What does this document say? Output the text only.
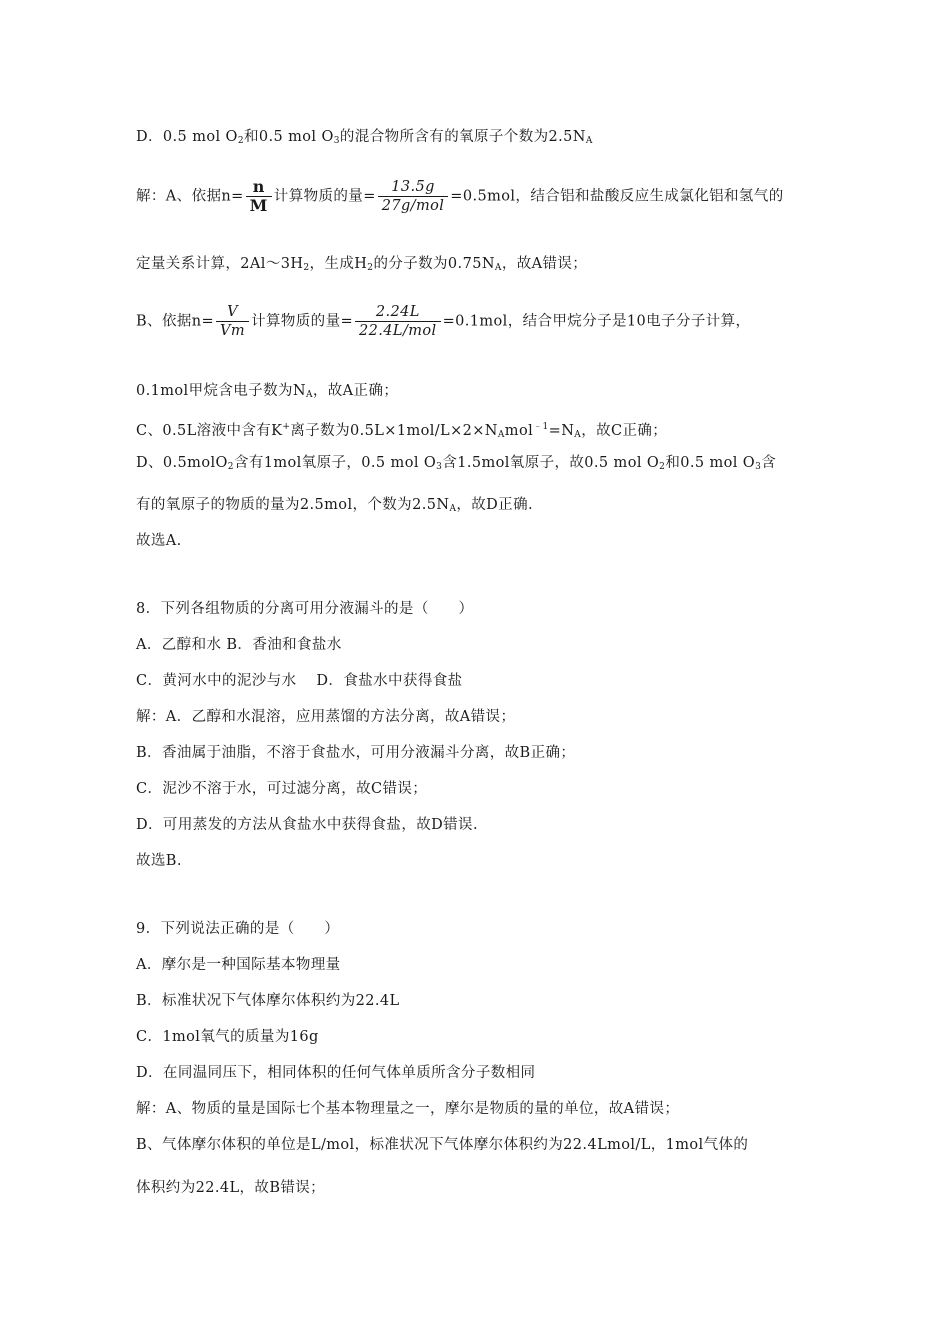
D．0.5 mol $O_2$和0.5 mol $O_3$的混合物所含有的氧原子个数为$2.5N_A$
解：A、依据$n= \frac{n}{M}$ 计算物质的量= $\frac{13.5g}{\text{27g/mol}} =0.5mol$，结合铝和盐酸反应生成氯化铝和氢气的
定量关系计算，$2Al\sim 3H_2$，生成$H_2$的分子数为$0.75N_A$，故A错误；
B、依据$n= \frac{V}{Vm}$ 计算物质的量= $\frac{2.24L}{\text{22.4L/mol}} =0.1mol$，结合甲烷分子是10电子分子计算，
0.1mol甲烷含电子数为$N_A$，故A正确；
C、0.5L溶液中含有K+离子数为$0.5L\times 1mol/L\times 2\times N_Amol^{﹣1}=N_A$，故C正确；
D、0.5molO$_2$含有1mol氧原子，0.5 mol $O_3$含1.5mol氧原子，故0.5 mol $O_2$和0.5 mol $O_3$含
有的氧原子的物质的量为2.5mol，个数为$2.5N_A$，故D正确.
故选A.
8．下列各组物质的分离可用分液漏斗的是（　　）
A．乙醇和水 B．香油和食盐水
C．黄河水中的泥沙与水　 D．食盐水中获得食盐
解：A．乙醇和水混溶，应用蒸馏的方法分离，故A错误；
B．香油属于油脂，不溶于食盐水，可用分液漏斗分离，故B正确；
C．泥沙不溶于水，可过滤分离，故C错误；
D．可用蒸发的方法从食盐水中获得食盐，故D错误.
故选B.
9．下列说法正确的是（　　）
A．摩尔是一种国际基本物理量
B．标准状况下气体摩尔体积约为22.4L
C．1mol氧气的质量为16g
D．在同温同压下，相同体积的任何气体单质所含分子数相同
解：A、物质的量是国际七个基本物理量之一，摩尔是物质的量的单位，故A错误；
B、气体摩尔体积的单位是L/mol，标准状况下气体摩尔体积约为22.4Lmol/L，1mol气体的
体积约为22.4L，故B错误；
